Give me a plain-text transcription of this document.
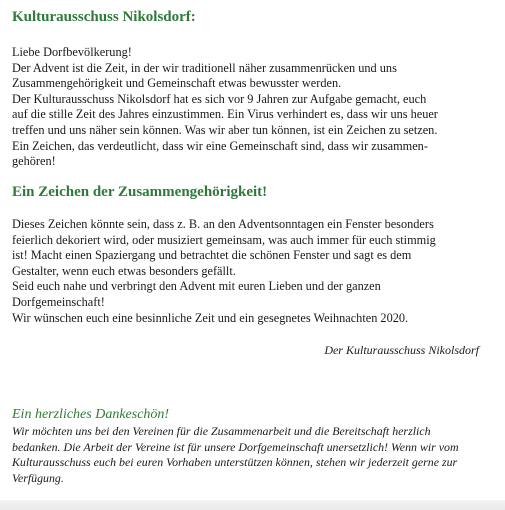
Kulturausschuss Nikolsdorf:
Liebe Dorfbevölkerung!
Der Advent ist die Zeit, in der wir traditionell näher zusammenrücken und uns
Zusammengehörigkeit und Gemeinschaft etwas bewusster werden.
Der Kulturausschuss Nikolsdorf hat es sich vor 9 Jahren zur Aufgabe gemacht, euch
auf die stille Zeit des Jahres einzustimmen. Ein Virus verhindert es, dass wir uns heuer
treffen und uns näher sein können. Was wir aber tun können, ist ein Zeichen zu setzen.
Ein Zeichen, das verdeutlicht, dass wir eine Gemeinschaft sind, dass wir zusammen-
gehören!
Ein Zeichen der Zusammengehörigkeit!
Dieses Zeichen könnte sein, dass z. B. an den Adventsonntagen ein Fenster besonders
feierlich dekoriert wird, oder musiziert gemeinsam, was auch immer für euch stimmig
ist! Macht einen Spaziergang und betrachtet die schönen Fenster und sagt es dem
Gestalter, wenn euch etwas besonders gefällt.
Seid euch nahe und verbringt den Advent mit euren Lieben und der ganzen
Dorfgemeinschaft!
Wir wünschen euch eine besinnliche Zeit und ein gesegnetes Weihnachten 2020.
Der Kulturausschuss Nikolsdorf
Ein herzliches Dankeschön!
Wir möchten uns bei den Vereinen für die Zusammenarbeit und die Bereitschaft herzlich
bedanken. Die Arbeit der Vereine ist für unsere Dorfgemeinschaft unersetzlich! Wenn wir vom
Kulturausschuss euch bei euren Vorhaben unterstützen können, stehen wir jederzeit gerne zur
Verfügung.
